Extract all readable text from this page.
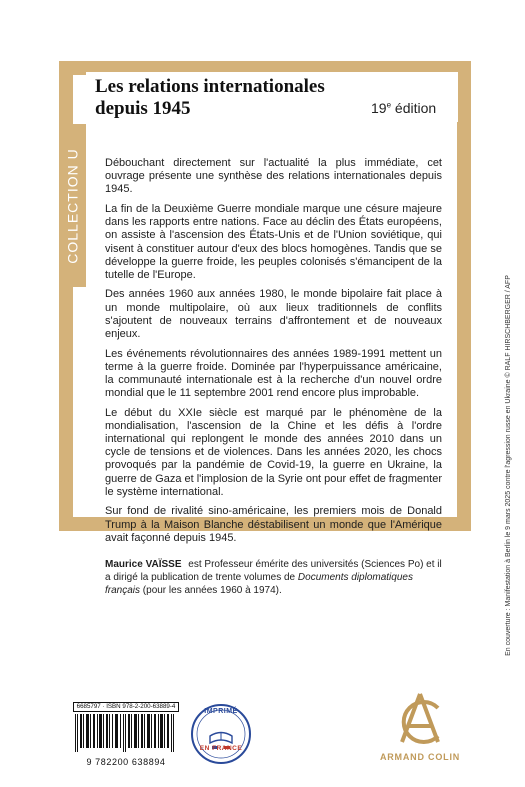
COLLECTION U
Les relations internationales
depuis 1945	19e édition

Débouchant directement sur l'actualité la plus immédiate, cet ouvrage présente une synthèse des relations internationales depuis 1945.

La fin de la Deuxième Guerre mondiale marque une césure majeure dans les rapports entre nations. Face au déclin des États européens, on assiste à l'ascension des États-Unis et de l'Union soviétique, qui visent à constituer autour d'eux des blocs homogènes. Tandis que se développe la guerre froide, les peuples colonisés s'émancipent de la tutelle de l'Europe.

Des années 1960 aux années 1980, le monde bipolaire fait place à un monde multipolaire, où aux lieux traditionnels de conflits s'ajoutent de nouveaux terrains d'affrontement et de nouveaux enjeux.

Les événements révolutionnaires des années 1989-1991 mettent un terme à la guerre froide. Dominée par l'hyperpuissance américaine, la communauté internationale est à la recherche d'un nouvel ordre mondial que le 11 septembre 2001 rend encore plus improbable.

Le début du XXIe siècle est marqué par le phénomène de la mondialisation, l'ascension de la Chine et les défis à l'ordre international qui replongent le monde des années 2010 dans un cycle de tensions et de violences. Dans les années 2020, les chocs provoqués par la pandémie de Covid-19, la guerre en Ukraine, la guerre de Gaza et l'implosion de la Syrie ont pour effet de fragmenter le système international.

Sur fond de rivalité sino-américaine, les premiers mois de Donald Trump à la Maison Blanche déstabilisent un monde que l'Amérique avait façonné depuis 1945.

Maurice VAÏSSE est Professeur émérite des universités (Sciences Po) et il a dirigé la publication de trente volumes de Documents diplomatiques français (pour les années 1960 à 1974).
6685797 · ISBN 978-2-200-63889-4
9 782200 638894
IMPRIMÉ
EN FRANCE
ARMAND COLIN
En couverture : Manifestation à Berlin le 9 mars 2025 contre l'agression russe en Ukraine © RALF HIRSCHBERGER / AFP
